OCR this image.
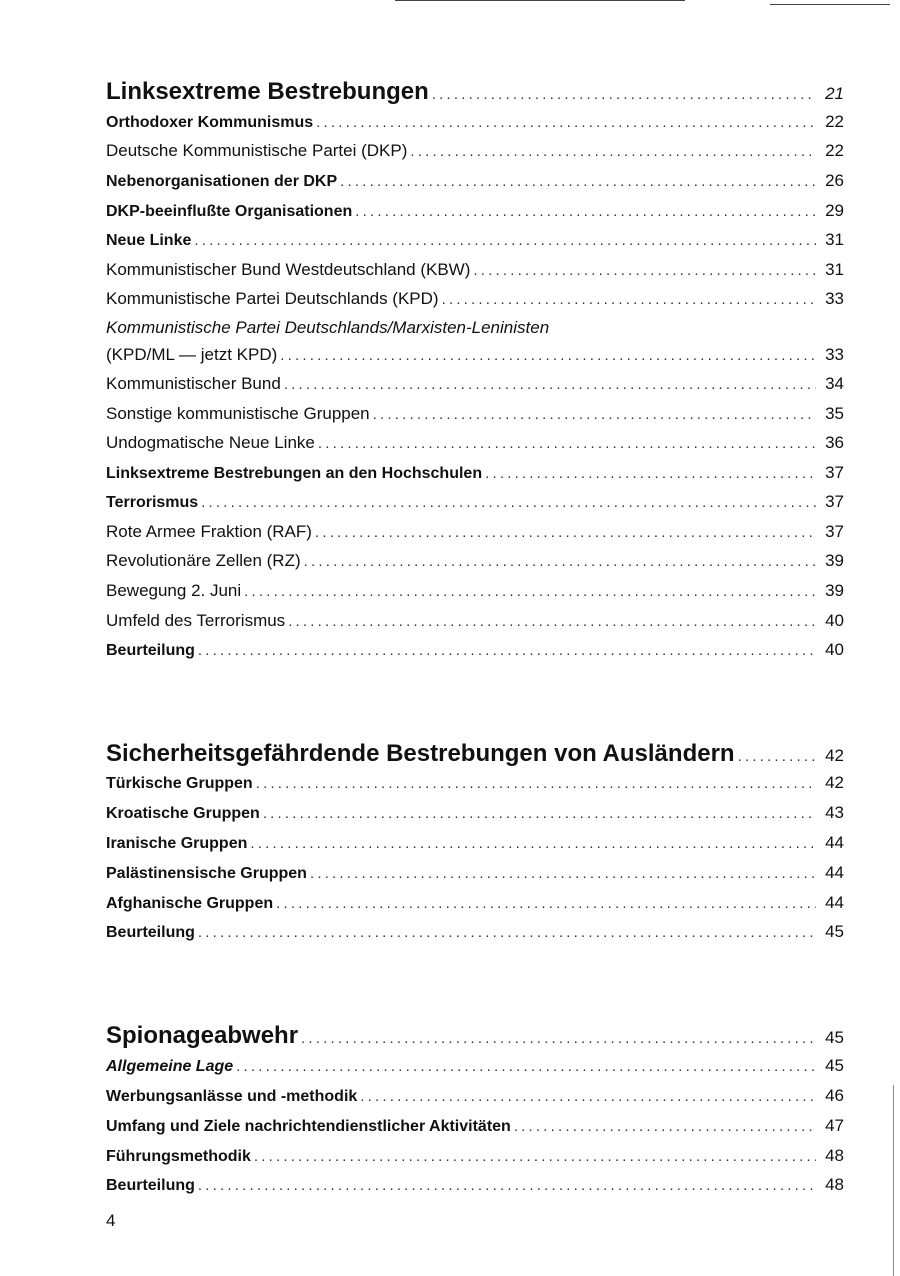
Linksextreme Bestrebungen .....	21
Orthodoxer Kommunismus .....	22
Deutsche Kommunistische Partei (DKP) .....	22
Nebenorganisationen der DKP .....	26
DKP-beeinflußte Organisationen .....	29
Neue Linke .....	31
Kommunistischer Bund Westdeutschland (KBW) .....	31
Kommunistische Partei Deutschlands (KPD) .....	33
Kommunistische Partei Deutschlands/Marxisten-Leninisten
(KPD/ML — jetzt KPD) .....	33
Kommunistischer Bund .....	34
Sonstige kommunistische Gruppen .....	35
Undogmatische Neue Linke .....	36
Linksextreme Bestrebungen an den Hochschulen .....	37
Terrorismus .....	37
Rote Armee Fraktion (RAF) .....	37
Revolutionäre Zellen (RZ) .....	39
Bewegung 2. Juni .....	39
Umfeld des Terrorismus .....	40
Beurteilung .....	40
Sicherheitsgefährdende Bestrebungen von Ausländern .....	42
Türkische Gruppen .....	42
Kroatische Gruppen .....	43
Iranische Gruppen .....	44
Palästinensische Gruppen .....	44
Afghanische Gruppen .....	44
Beurteilung .....	45
Spionageabwehr .....	45
Allgemeine Lage .....	45
Werbungsanlässe und -methodik .....	46
Umfang und Ziele nachrichtendienstlicher Aktivitäten .....	47
Führungsmethodik .....	48
Beurteilung .....	48
4
